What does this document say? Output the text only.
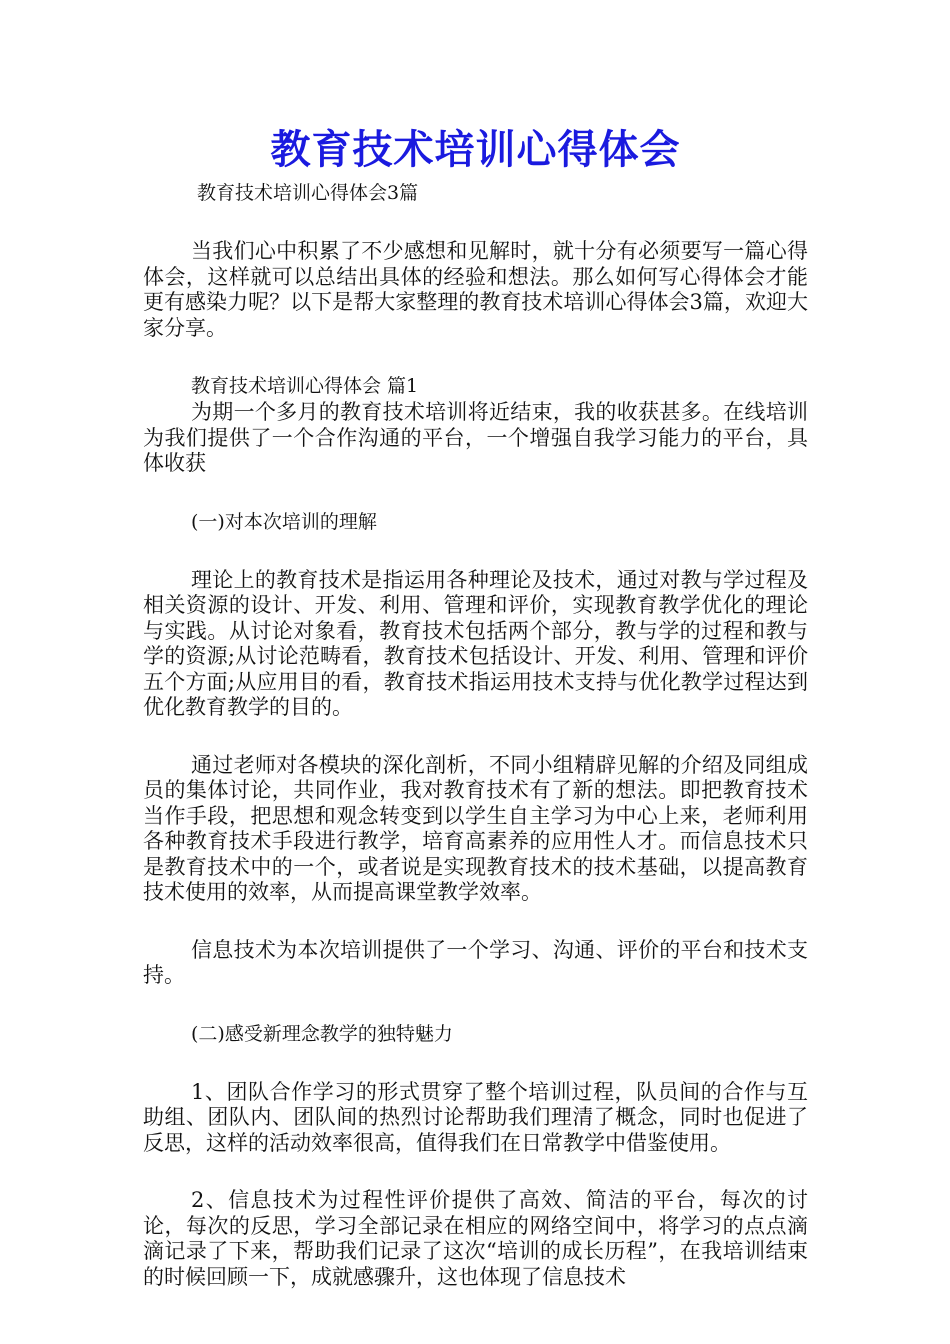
教育技术培训心得体会

教育技术培训心得体会3篇

当我们心中积累了不少感想和见解时，就十分有必须要写一篇心得体会，这样就可以总结出具体的经验和想法。那么如何写心得体会才能更有感染力呢？以下是帮大家整理的教育技术培训心得体会3篇，欢迎大家分享。

教育技术培训心得体会 篇1

为期一个多月的教育技术培训将近结束，我的收获甚多。在线培训为我们提供了一个合作沟通的平台，一个增强自我学习能力的平台，具体收获

(一)对本次培训的理解

理论上的教育技术是指运用各种理论及技术，通过对教与学过程及相关资源的设计、开发、利用、管理和评价，实现教育教学优化的理论与实践。从讨论对象看，教育技术包括两个部分，教与学的过程和教与学的资源;从讨论范畴看，教育技术包括设计、开发、利用、管理和评价五个方面;从应用目的看，教育技术指运用技术支持与优化教学过程达到优化教育教学的目的。

通过老师对各模块的深化剖析，不同小组精辟见解的介绍及同组成员的集体讨论，共同作业，我对教育技术有了新的想法。即把教育技术当作手段，把思想和观念转变到以学生自主学习为中心上来，老师利用各种教育技术手段进行教学，培育高素养的应用性人才。而信息技术只是教育技术中的一个，或者说是实现教育技术的技术基础，以提高教育技术使用的效率，从而提高课堂教学效率。

信息技术为本次培训提供了一个学习、沟通、评价的平台和技术支持。

(二)感受新理念教学的独特魅力

1、团队合作学习的形式贯穿了整个培训过程，队员间的合作与互助组、团队内、团队间的热烈讨论帮助我们理清了概念，同时也促进了反思，这样的活动效率很高，值得我们在日常教学中借鉴使用。

2、信息技术为过程性评价提供了高效、简洁的平台，每次的讨论，每次的反思，学习全部记录在相应的网络空间中，将学习的点点滴滴记录了下来，帮助我们记录了这次“培训的成长历程”，在我培训结束的时候回顾一下，成就感骤升，这也体现了信息技术
